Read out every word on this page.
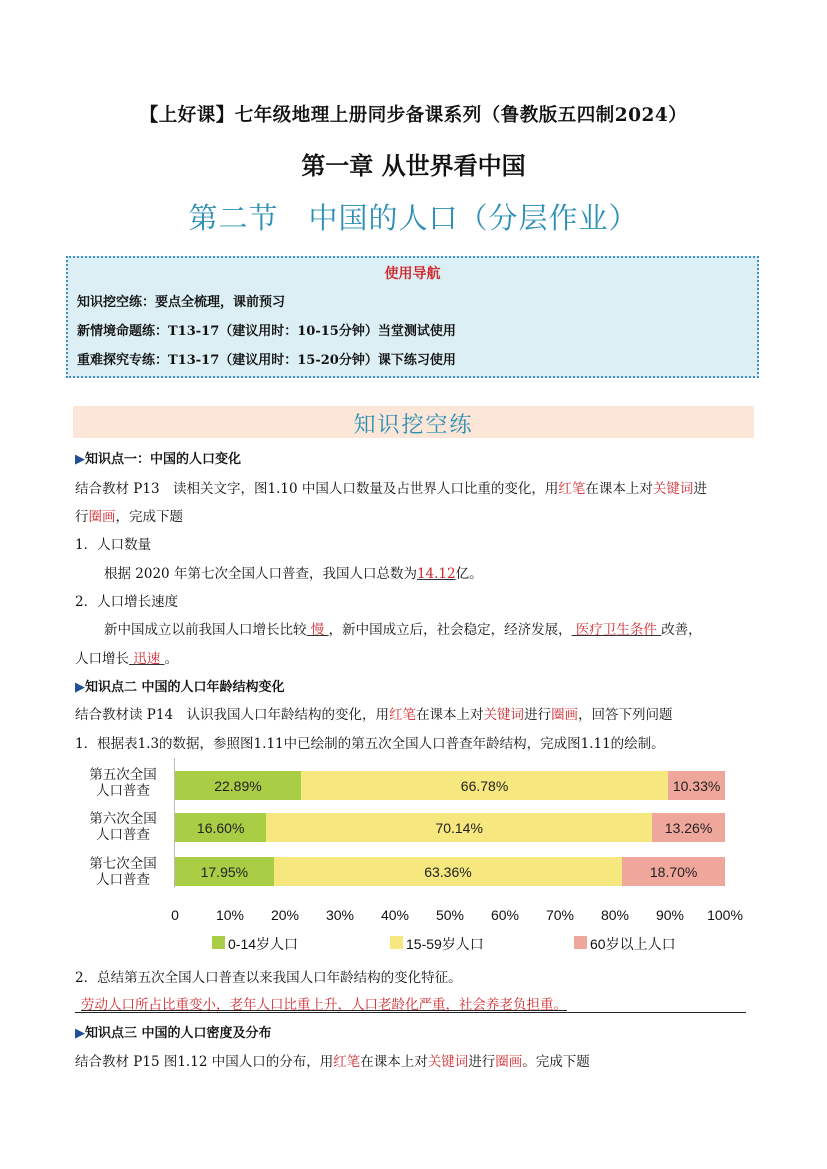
【上好课】七年级地理上册同步备课系列（鲁教版五四制2024）
第一章 从世界看中国
第二节　中国的人口（分层作业）
使用导航
知识挖空练：要点全梳理，课前预习
新情境命题练：T13-17（建议用时：10-15分钟）当堂测试使用
重难探究专练：T13-17（建议用时：15-20分钟）课下练习使用
知识挖空练
▶知识点一：中国的人口变化
结合教材 P13　读相关文字，图1.10 中国人口数量及占世界人口比重的变化，用红笔在课本上对关键词进
行圈画，完成下题
1．人口数量
根据 2020 年第七次全国人口普查，我国人口总数为14.12亿。
2．人口增长速度
新中国成立以前我国人口增长比较 慢 ，新中国成立后，社会稳定，经济发展， 医疗卫生条件 改善，
人口增长 迅速 。
▶知识点二 中国的人口年龄结构变化
结合教材读 P14　认识我国人口年龄结构的变化，用红笔在课本上对关键词进行圈画，回答下列问题
1．根据表1.3的数据，参照图1.11中已绘制的第五次全国人口普查年龄结构，完成图1.11的绘制。
第五次全国
人口普查
第六次全国
人口普查
第七次全国
人口普查
22.89%	66.78%	10.33%
16.60%	70.14%	13.26%
17.95%	63.36%	18.70%
0	10% 20% 30% 40% 50% 60% 70% 80% 90% 100%
0-14岁人口	15-59岁人口	60岁以上人口
2．总结第五次全国人口普查以来我国人口年龄结构的变化特征。
劳动人口所占比重变小，老年人口比重上升，人口老龄化严重，社会养老负担重。
▶知识点三 中国的人口密度及分布
结合教材 P15 图1.12 中国人口的分布，用红笔在课本上对关键词进行圈画。完成下题
